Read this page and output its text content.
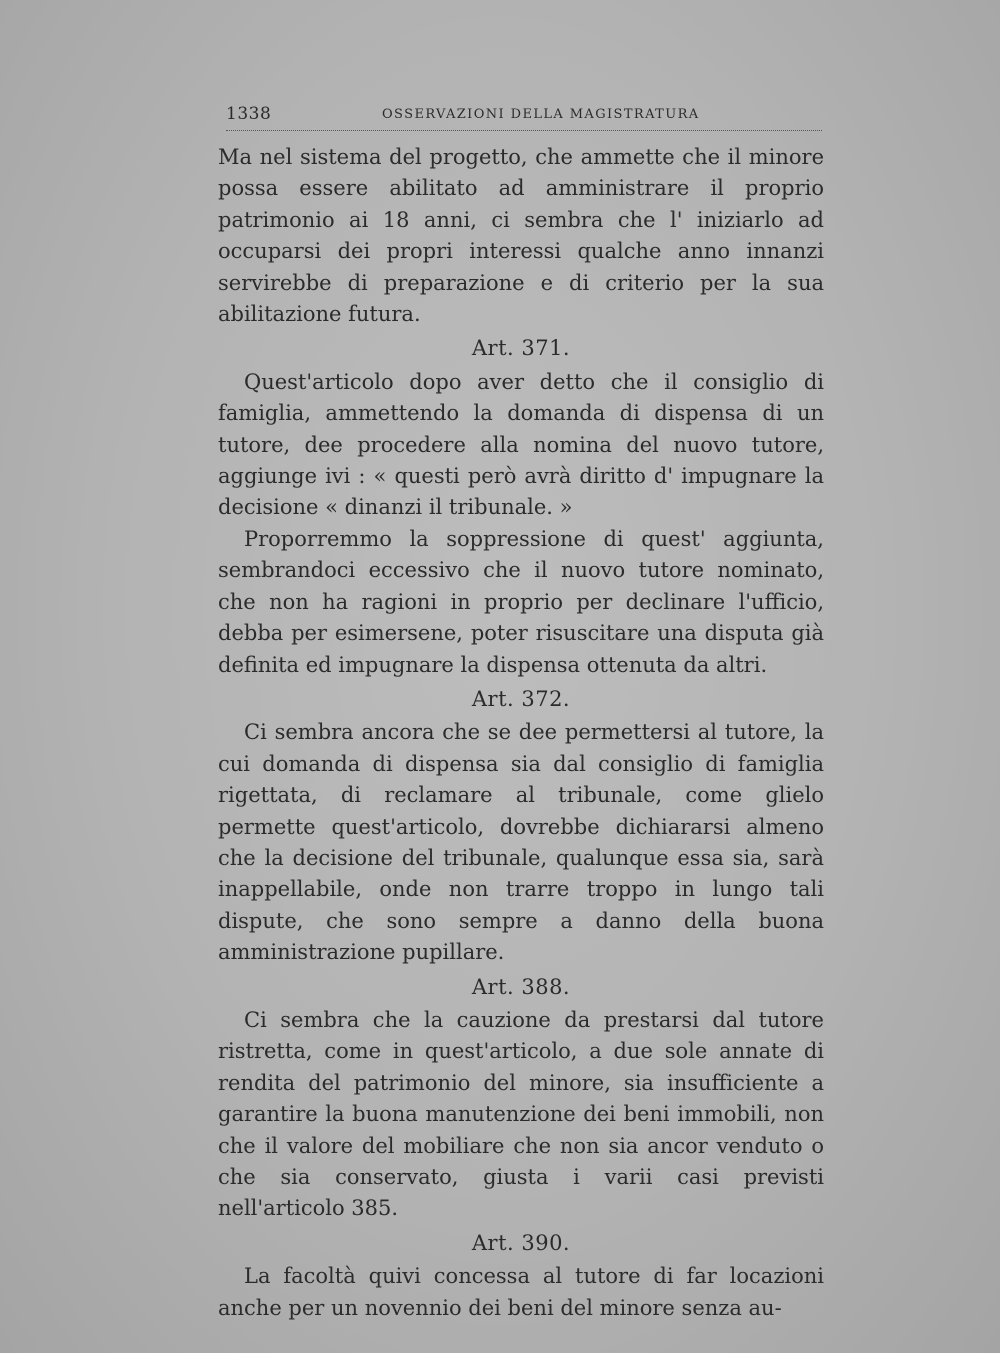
1338	OSSERVAZIONI DELLA MAGISTRATURA

Ma nel sistema del progetto, che ammette che il minore possa essere abilitato ad amministrare il proprio patrimonio ai 18 anni, ci sembra che l' iniziarlo ad occuparsi dei propri interessi qualche anno innanzi servirebbe di preparazione e di criterio per la sua abilitazione futura.

Art. 371.

Quest'articolo dopo aver detto che il consiglio di famiglia, ammettendo la domanda di dispensa di un tutore, dee procedere alla nomina del nuovo tutore, aggiunge ivi : « questi però avrà diritto d' impugnare la decisione « dinanzi il tribunale. »

Proporremmo la soppressione di quest' aggiunta, sembrandoci eccessivo che il nuovo tutore nominato, che non ha ragioni in proprio per declinare l'ufficio, debba per esimersene, poter risuscitare una disputa già definita ed impugnare la dispensa ottenuta da altri.

Art. 372.

Ci sembra ancora che se dee permettersi al tutore, la cui domanda di dispensa sia dal consiglio di famiglia rigettata, di reclamare al tribunale, come glielo permette quest'articolo, dovrebbe dichiararsi almeno che la decisione del tribunale, qualunque essa sia, sarà inappellabile, onde non trarre troppo in lungo tali dispute, che sono sempre a danno della buona amministrazione pupillare.

Art. 388.

Ci sembra che la cauzione da prestarsi dal tutore ristretta, come in quest'articolo, a due sole annate di rendita del patrimonio del minore, sia insufficiente a garantire la buona manutenzione dei beni immobili, non che il valore del mobiliare che non sia ancor venduto o che sia conservato, giusta i varii casi previsti nell'articolo 385.

Art. 390.

La facoltà quivi concessa al tutore di far locazioni anche per un novennio dei beni del minore senza au-
